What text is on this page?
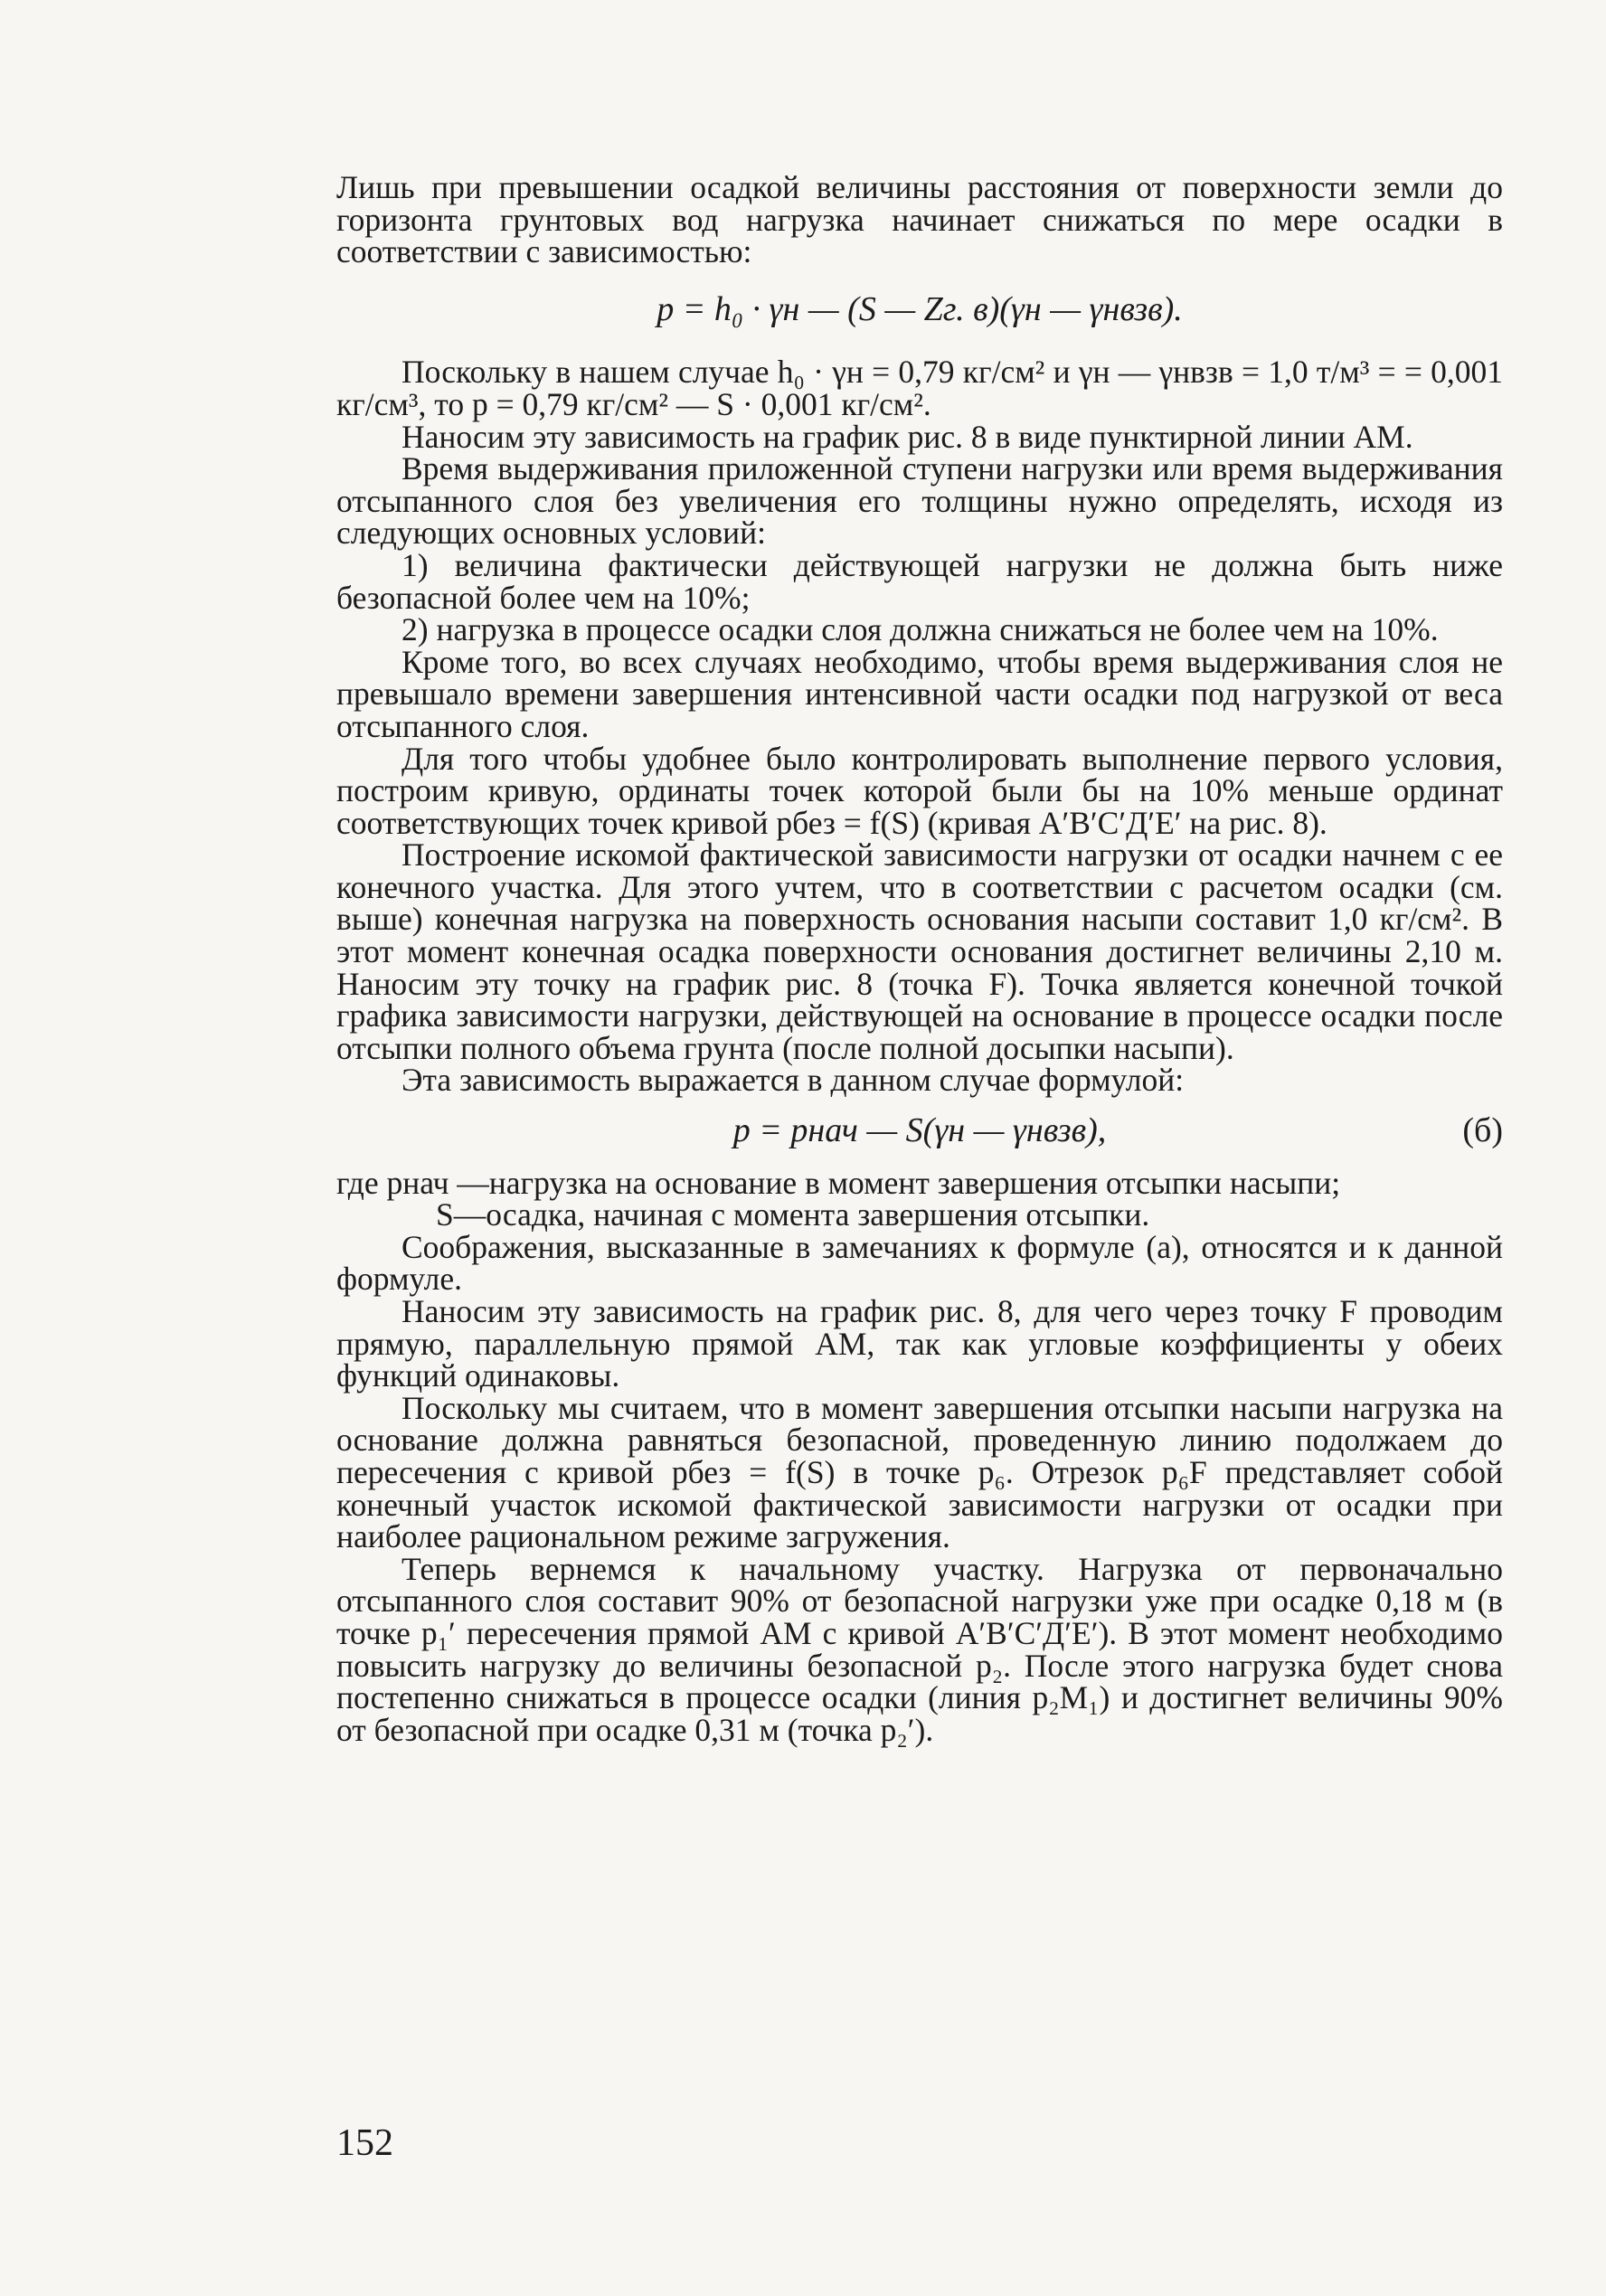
Лишь при превышении осадкой величины расстояния от поверхности земли до горизонта грунтовых вод нагрузка начинает снижаться по мере осадки в соответствии с зависимостью:

p = h₀ · γн — (S — Zг. в)(γн — γнвзв).

Поскольку в нашем случае h₀ · γн = 0,79 кг/см² и γн — γнвзв = 1,0 т/м³ = = 0,001 кг/см³, то p = 0,79 кг/см² — S · 0,001 кг/см².

Наносим эту зависимость на график рис. 8 в виде пунктирной линии АМ.

Время выдерживания приложенной ступени нагрузки или время выдерживания отсыпанного слоя без увеличения его толщины нужно определять, исходя из следующих основных условий:

1) величина фактически действующей нагрузки не должна быть ниже безопасной более чем на 10%;

2) нагрузка в процессе осадки слоя должна снижаться не более чем на 10%.

Кроме того, во всех случаях необходимо, чтобы время выдерживания слоя не превышало времени завершения интенсивной части осадки под нагрузкой от веса отсыпанного слоя.

Для того чтобы удобнее было контролировать выполнение первого условия, построим кривую, ординаты точек которой были бы на 10% меньше ординат соответствующих точек кривой pбез = f(S) (кривая А′В′С′Д′Е′ на рис. 8).

Построение искомой фактической зависимости нагрузки от осадки начнем с ее конечного участка. Для этого учтем, что в соответствии с расчетом осадки (см. выше) конечная нагрузка на поверхность основания насыпи составит 1,0 кг/см². В этот момент конечная осадка поверхности основания достигнет величины 2,10 м. Наносим эту точку на график рис. 8 (точка F). Точка является конечной точкой графика зависимости нагрузки, действующей на основание в процессе осадки после отсыпки полного объема грунта (после полной досыпки насыпи).

Эта зависимость выражается в данном случае формулой:

p = pнач — S(γн — γнвзв),	(б)

где pнач —нагрузка на основание в момент завершения отсыпки насыпи;

S—осадка, начиная с момента завершения отсыпки.

Соображения, высказанные в замечаниях к формуле (а), относятся и к данной формуле.

Наносим эту зависимость на график рис. 8, для чего через точку F проводим прямую, параллельную прямой АМ, так как угловые коэффициенты у обеих функций одинаковы.

Поскольку мы считаем, что в момент завершения отсыпки насыпи нагрузка на основание должна равняться безопасной, проведенную линию подолжаем до пересечения с кривой pбез = f(S) в точке p₆. Отрезок p₆F представляет собой конечный участок искомой фактической зависимости нагрузки от осадки при наиболее рациональном режиме загружения.

Теперь вернемся к начальному участку. Нагрузка от первоначально отсыпанного слоя составит 90% от безопасной нагрузки уже при осадке 0,18 м (в точке p₁′ пересечения прямой АМ с кривой А′В′С′Д′Е′). В этот момент необходимо повысить нагрузку до величины безопасной p₂. После этого нагрузка будет снова постепенно снижаться в процессе осадки (линия p₂M₁) и достигнет величины 90% от безопасной при осадке 0,31 м (точка p₂′).

152
